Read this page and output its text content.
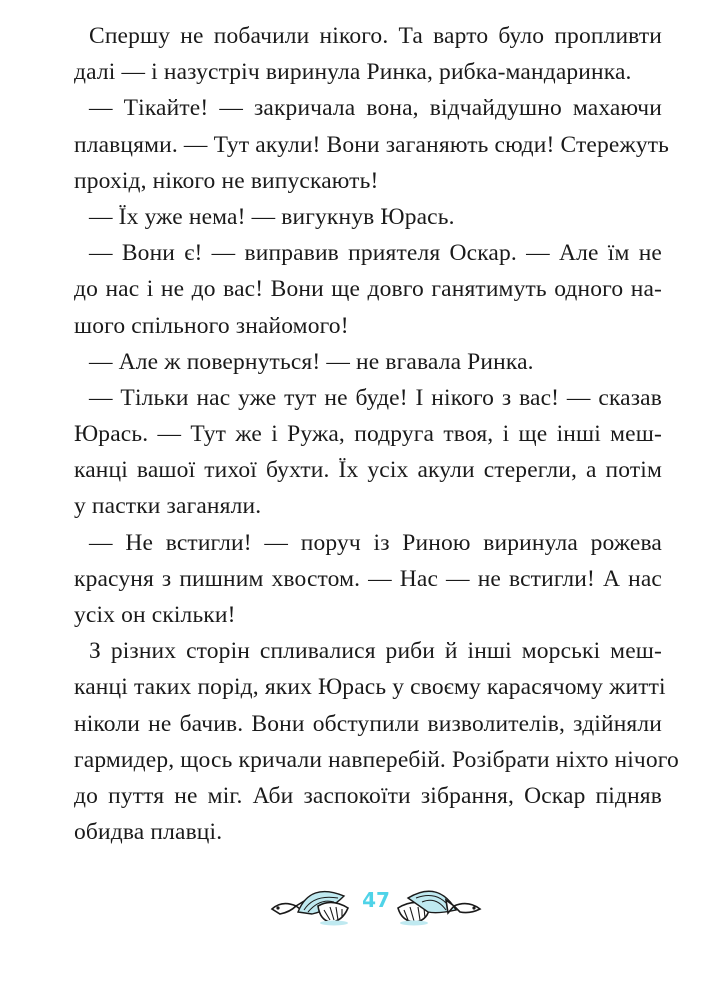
Спершу не побачили нікого. Та варто було пропливти
далі — і назустріч виринула Ринка, рибка-мандаринка.
— Тікайте! — закричала вона, відчайдушно махаючи
плавцями. — Тут акули! Вони заганяють сюди! Стережуть
прохід, нікого не випускають!
— Їх уже нема! — вигукнув Юрась.
— Вони є! — виправив приятеля Оскар. — Але їм не
до нас і не до вас! Вони ще довго ганятимуть одного на-
шого спільного знайомого!
— Але ж повернуться! — не вгавала Ринка.
— Тільки нас уже тут не буде! І нікого з вас! — сказав
Юрась. — Тут же і Ружа, подруга твоя, і ще інші меш-
канці вашої тихої бухти. Їх усіх акули стерегли, а потім
у пастки заганяли.
— Не встигли! — поруч із Риною виринула рожева
красуня з пишним хвостом. — Нас — не встигли! А нас
усіх он скільки!
З різних сторін спливалися риби й інші морські меш-
канці таких порід, яких Юрась у своєму карасячому житті
ніколи не бачив. Вони обступили визволителів, здійняли
гармидер, щось кричали навперебій. Розібрати ніхто нічого
до пуття не міг. Аби заспокоїти зібрання, Оскар підняв
обидва плавці.
47
